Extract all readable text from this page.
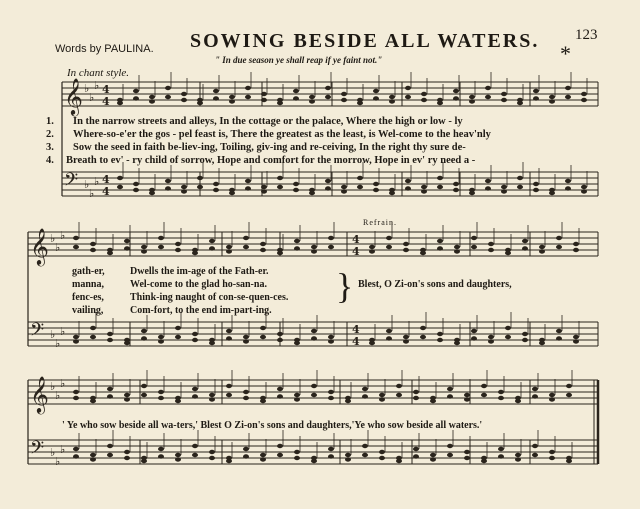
123
SOWING BESIDE ALL WATERS.
Words by PAULINA.
" In due season ye shall reap if ye faint not."	*
In chant style.
1. In the narrow streets and alleys, In the cottage or the palace, Where the high or low - ly
2. Where-so-e'er the gos - pel feast is, There the greatest as the least, is Wel-come to the heav'nly
3. Sow the seed in faith be-liev-ing, Toiling, giv-ing and re-ceiving, In the right thy sure de-
4. Breath to ev' - ry child of sorrow, Hope and comfort for the morrow, Hope in ev' ry need a -
gath-er,	Dwells the im-age of the Fath-er.
manna,	Wel-come to the glad ho-san-na.
fenc-es,	Think-ing naught of con-se-quen-ces.
vailing,	Com-fort, to the end im-part-ing.
}
Refrain.
Blest, O Zi-on's sons and daughters,
' Ye who sow beside all wa-ters,' Blest O Zi-on's sons and daughters,'Ye who sow beside all waters.'
𝄞 ♭
♭
♭ 4
4
𝄢 ♭
♭
♭ 4
4
𝄞 ♭
♭
♭	4
4
𝄢 ♭
♭
♭	4
4
𝄞 ♭
♭
♭
𝄢 ♭
♭
♭
